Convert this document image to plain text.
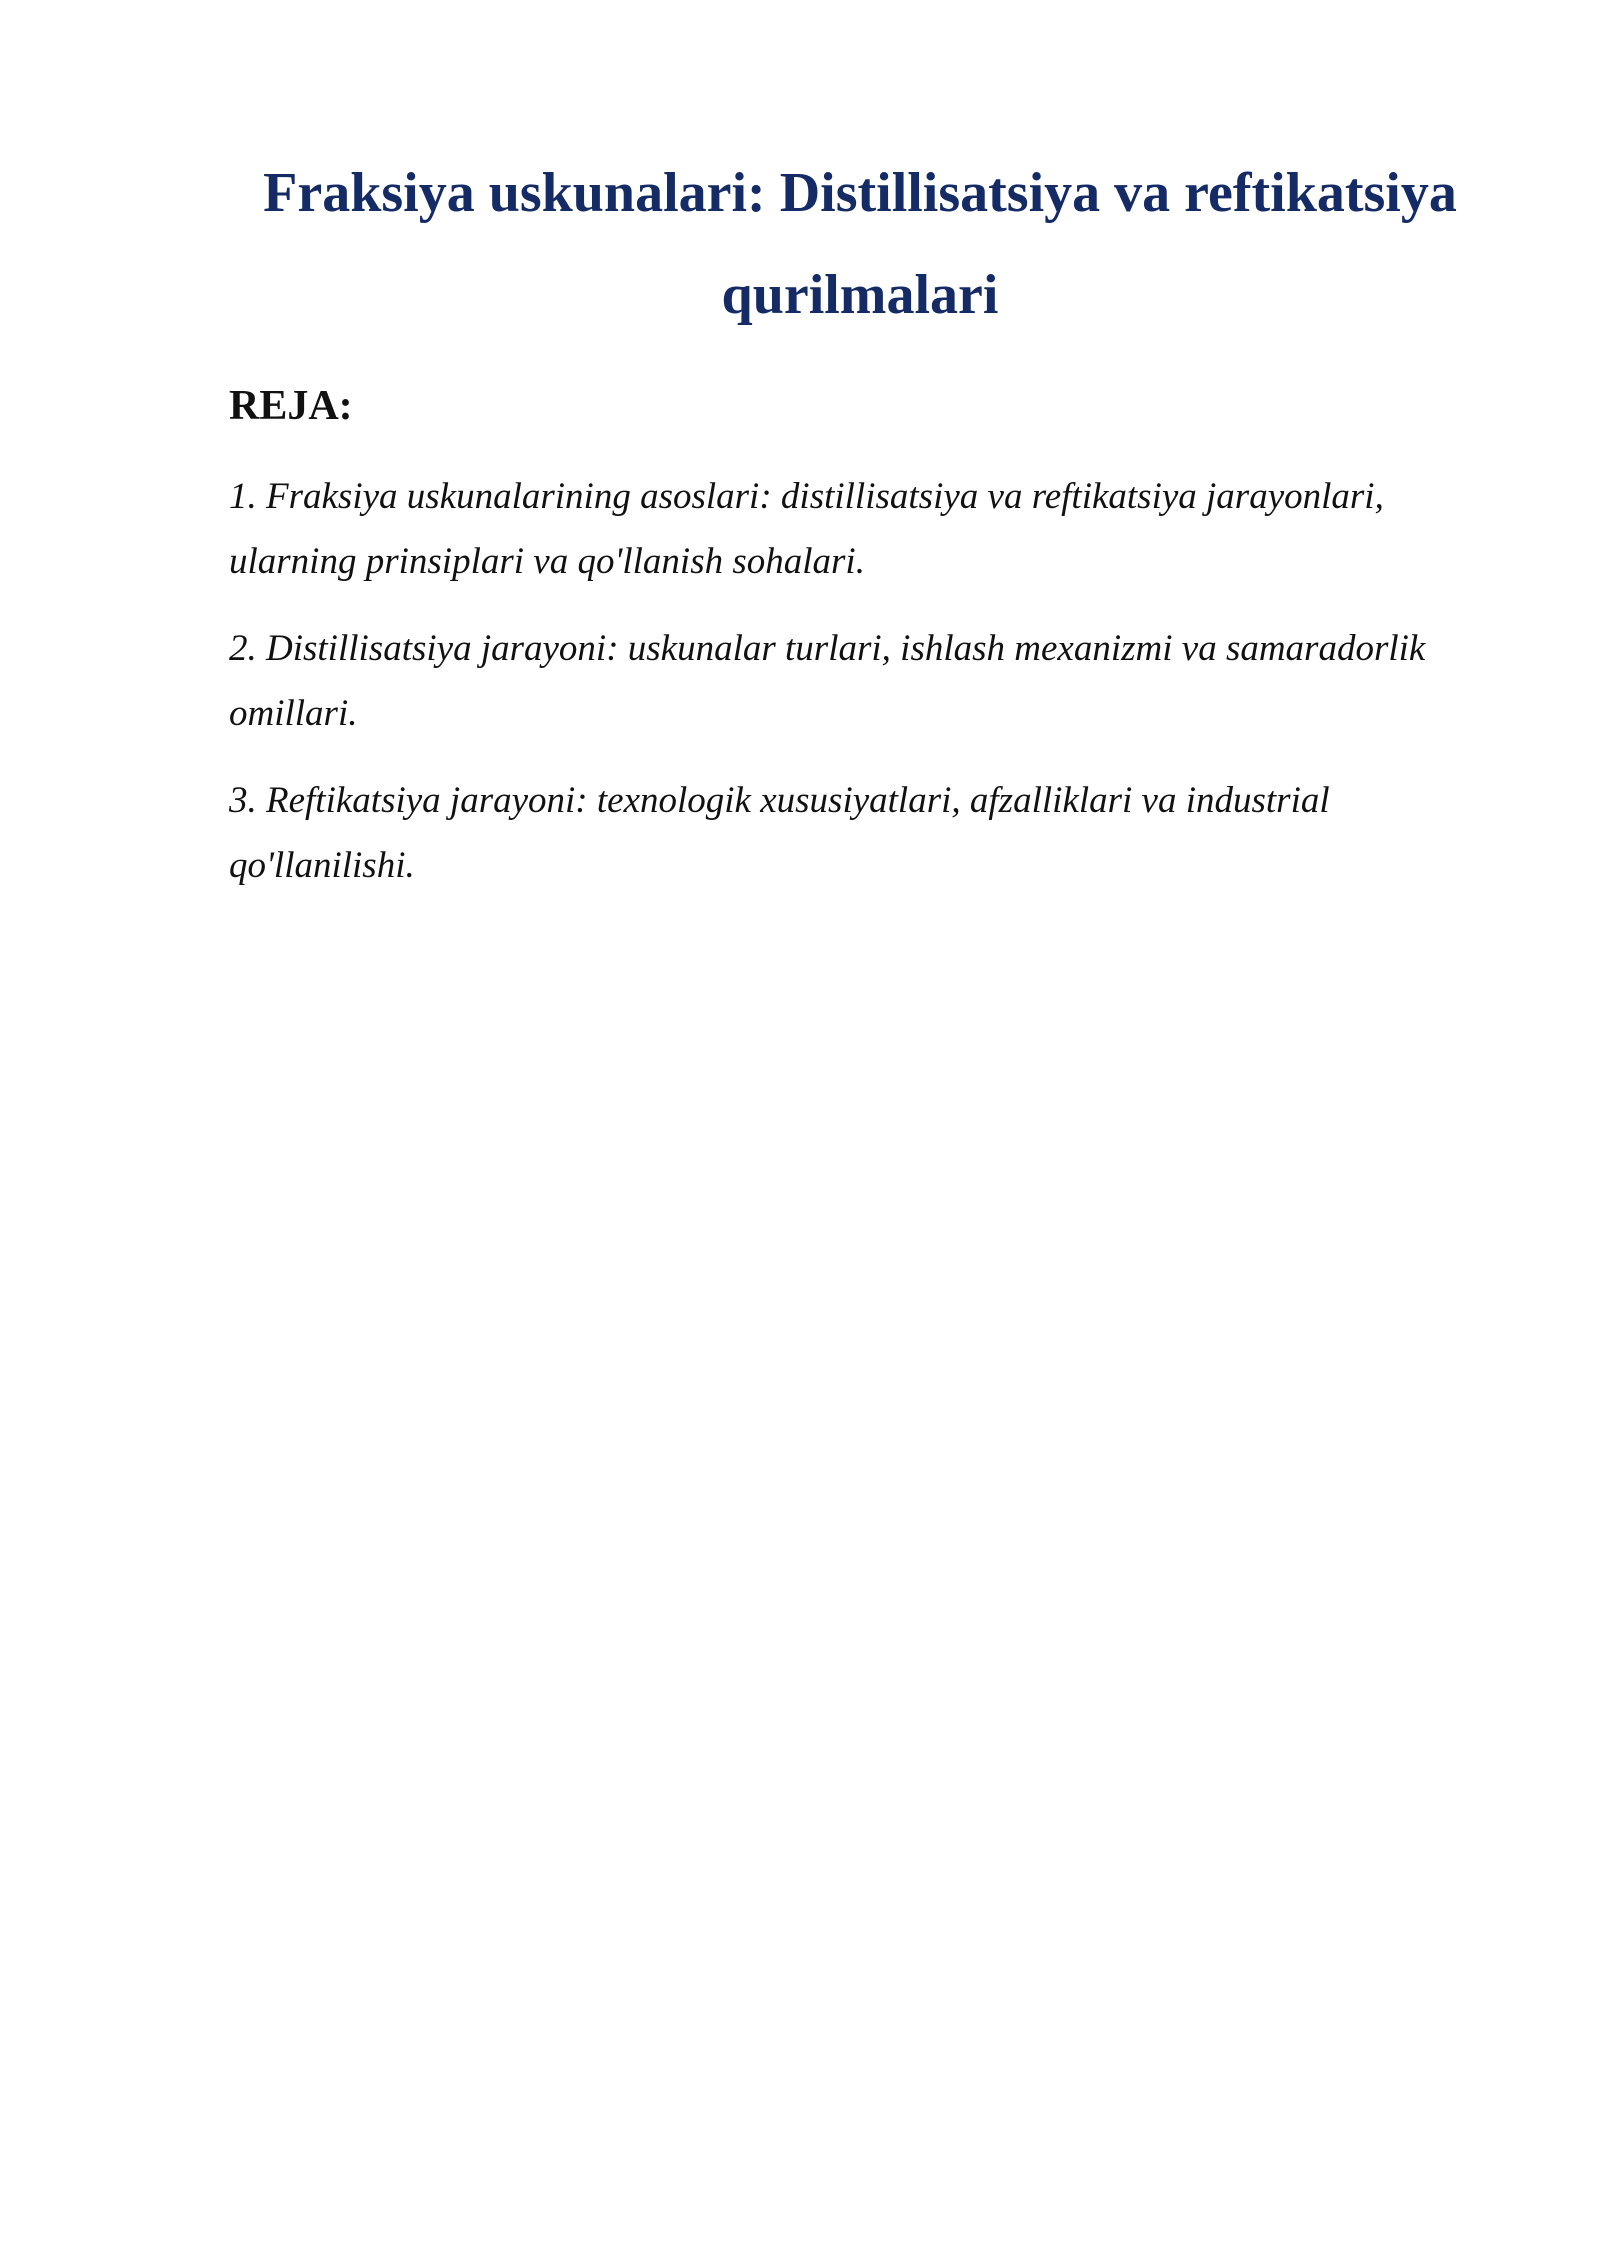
Fraksiya uskunalari: Distillisatsiya va reftikatsiya qurilmalari
REJA:
1. Fraksiya uskunalarining asoslari: distillisatsiya va reftikatsiya jarayonlari, ularning prinsiplari va qo'llanish sohalari.
2. Distillisatsiya jarayoni: uskunalar turlari, ishlash mexanizmi va samaradorlik omillari.
3. Reftikatsiya jarayoni: texnologik xususiyatlari, afzalliklari va industrial qo'llanilishi.
